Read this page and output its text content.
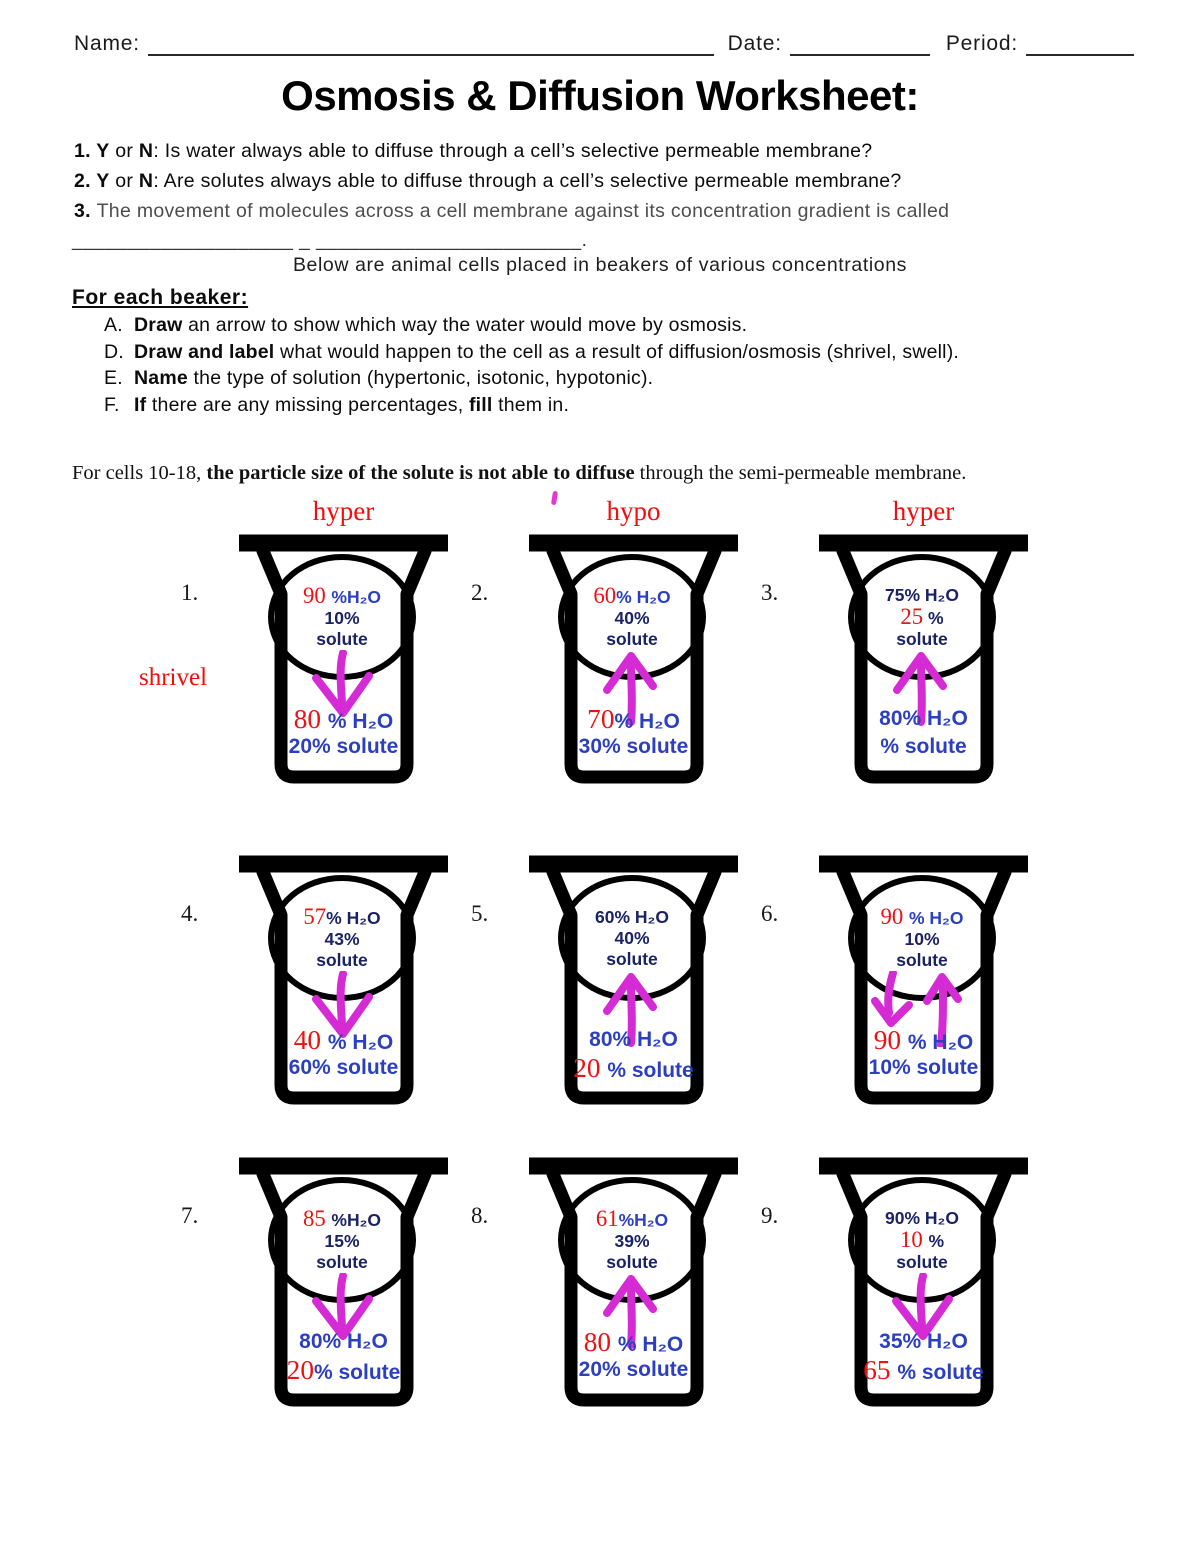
Name:	Date:	Period:
Osmosis & Diffusion Worksheet:
1. Y or N: Is water always able to diffuse through a cell’s selective permeable membrane?
2. Y or N: Are solutes always able to diffuse through a cell’s selective permeable membrane?
3. The movement of molecules across a cell membrane against its concentration gradient is called
____________________ _ ________________________.
Below are animal cells placed in beakers of various concentrations
For each beaker:
A. Draw an arrow to show which way the water would move by osmosis.
D. Draw and label what would happen to the cell as a result of diffusion/osmosis (shrivel, swell).
E. Name the type of solution (hypertonic, isotonic, hypotonic).
F. If there are any missing percentages, fill them in.
For cells 10-18, the particle size of the solute is not able to diffuse through the semi-permeable membrane.
hyper
1.
shrivel
90 %H₂O
10%
solute
80 % H₂O
20% solute
hypo
2.	60% H₂O
40%
solute
70% H₂O
30% solute
hyper
3.	75% H₂O
25 %
solute
80% H₂O
% solute
4.	57% H₂O
43%
solute
40 % H₂O
60% solute
5.	60% H₂O
40%
solute
80% H₂O
20 % solute
6.	90 % H₂O
10%
solute
90 % H₂O
10% solute
7.	85 %H₂O
15%
solute
80% H₂O
20% solute
8.	61%H₂O
39%
solute
80 % H₂O
20% solute
9.	90% H₂O
10 %
solute
35% H₂O
65 % solute
